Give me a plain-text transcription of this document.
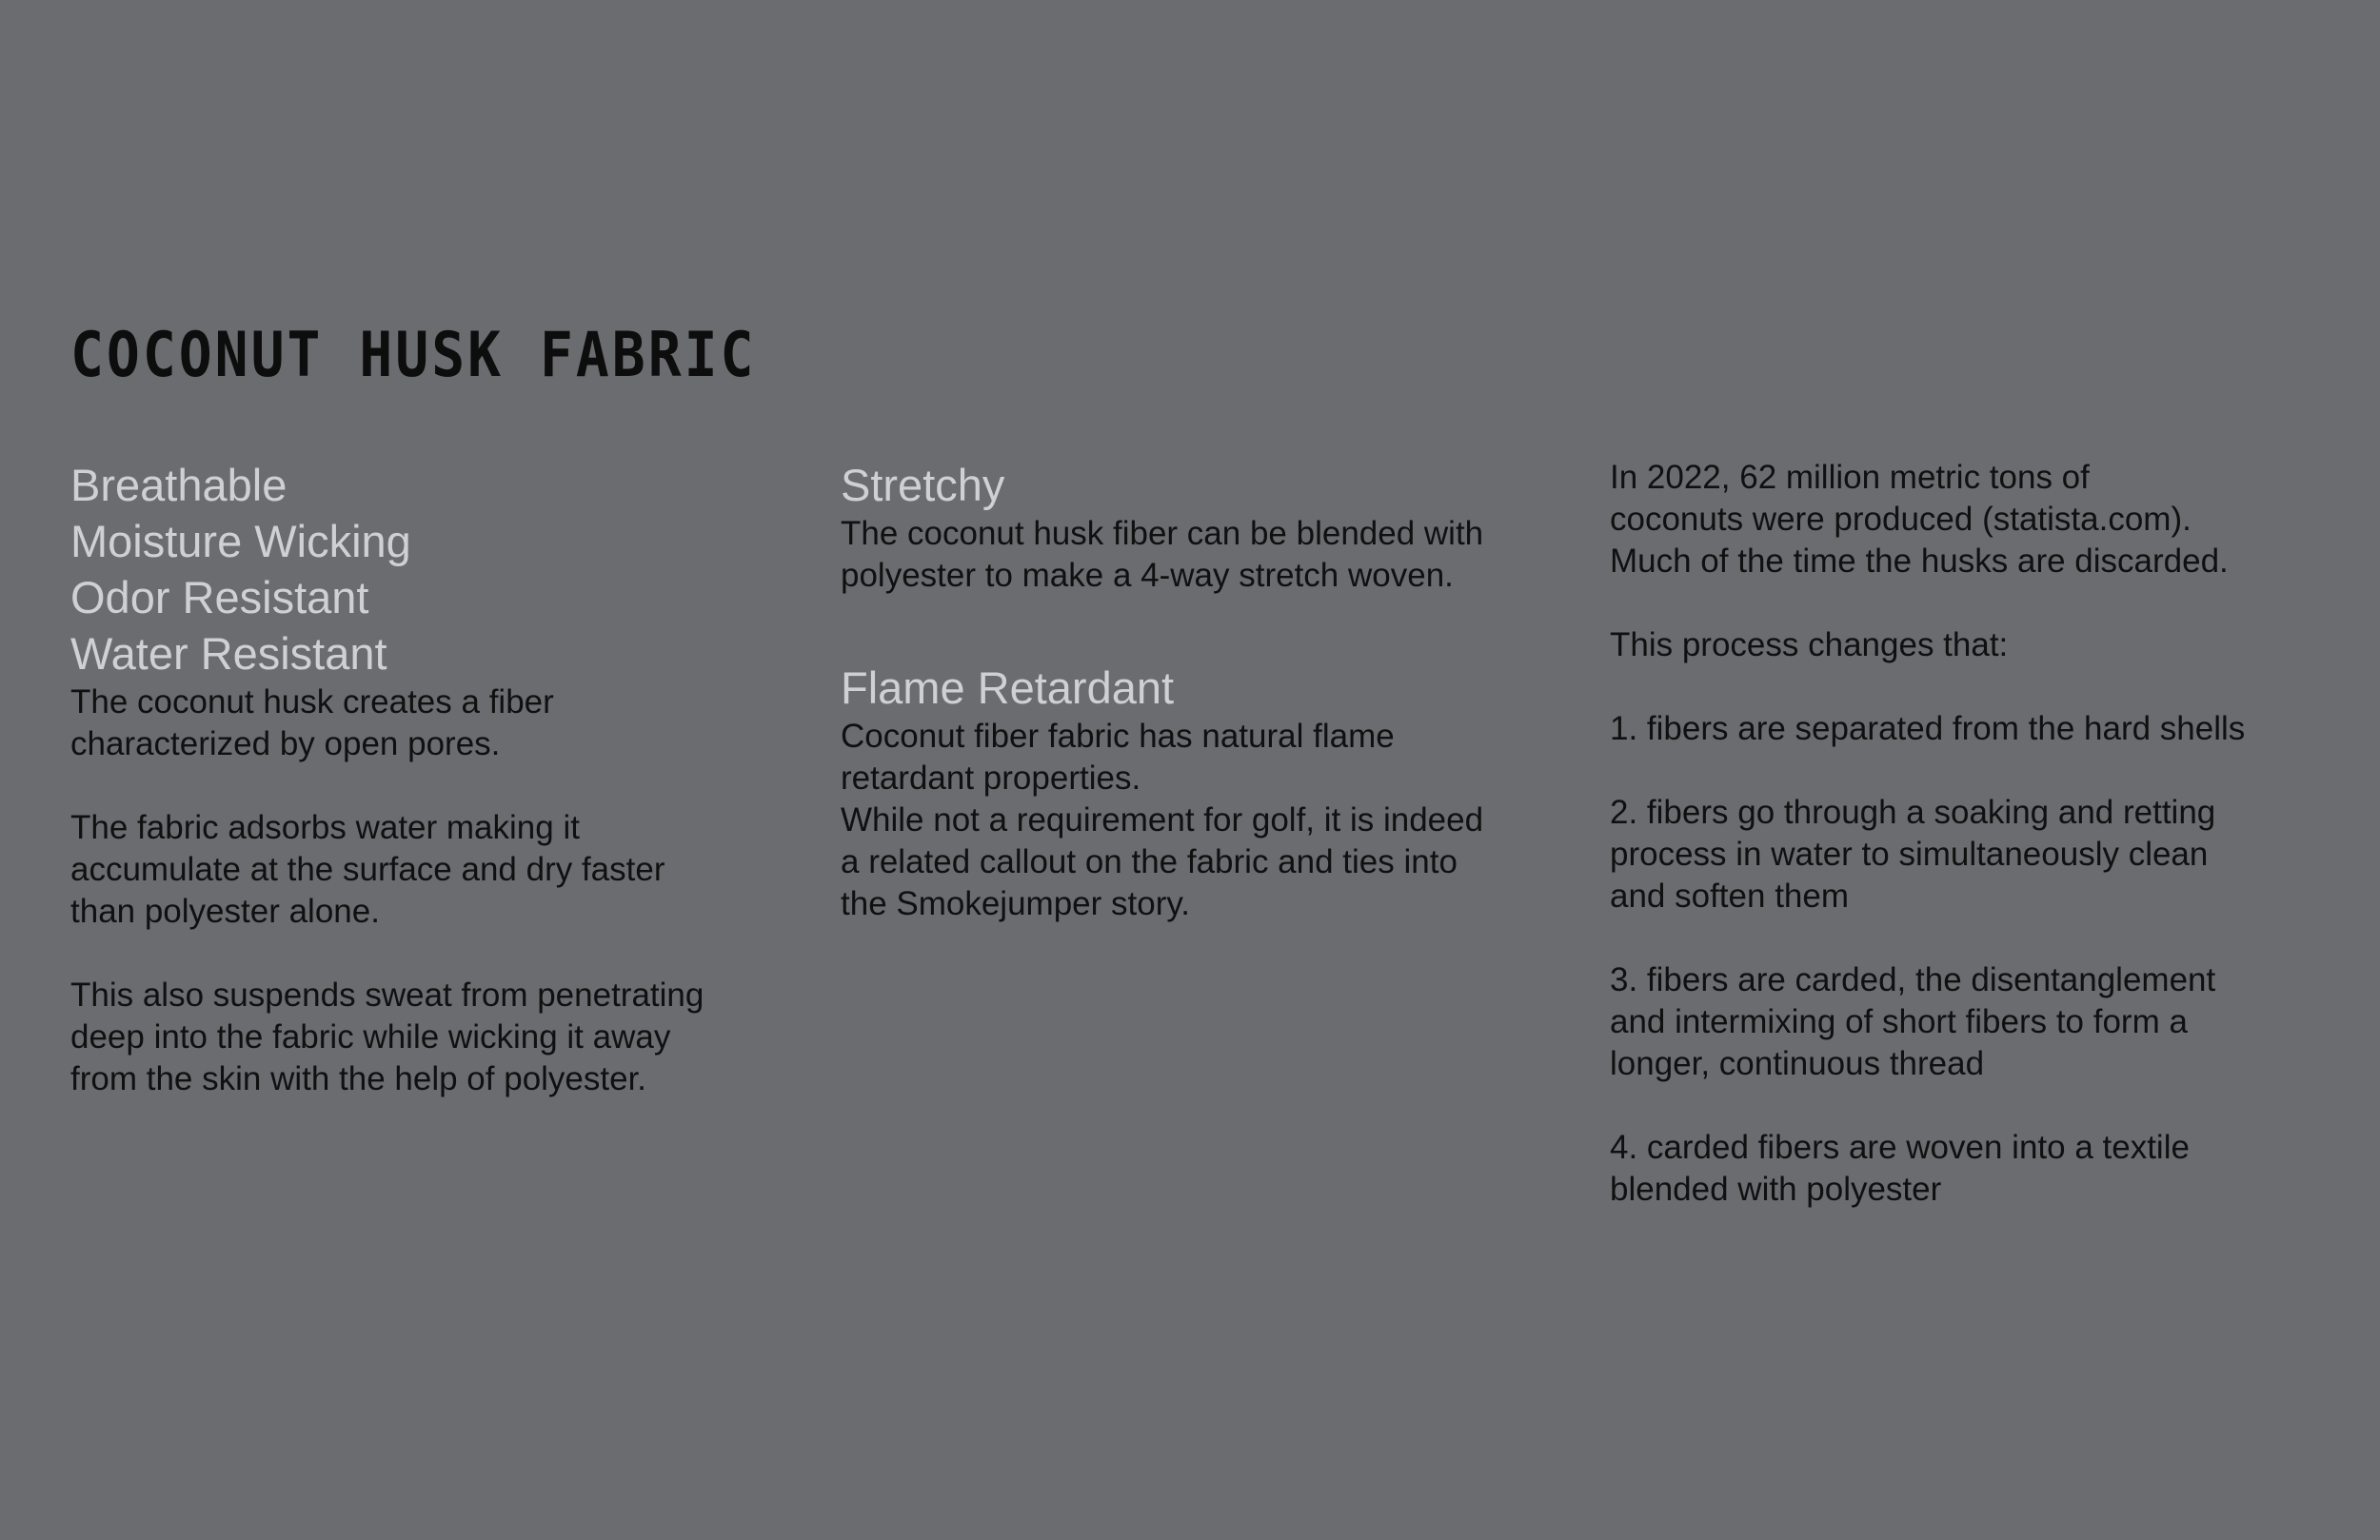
COCONUT HUSK FABRIC
Breathable
Moisture Wicking
Odor Resistant
Water Resistant

The coconut husk creates a fiber
characterized by open pores.

The fabric adsorbs water making it
accumulate at the surface and dry faster
than polyester alone.

This also suspends sweat from penetrating
deep into the fabric while wicking it away
from the skin with the help of polyester.

Stretchy

The coconut husk fiber can be blended with
polyester to make a 4-way stretch woven.

Flame Retardant

Coconut fiber fabric has natural flame
retardant properties.
While not a requirement for golf, it is indeed
a related callout on the fabric and ties into
the Smokejumper story.

In 2022, 62 million metric tons of
coconuts were produced (statista.com).
Much of the time the husks are discarded.

This process changes that:

1. fibers are separated from the hard shells

2. fibers go through a soaking and retting
process in water to simultaneously clean
and soften them

3. fibers are carded, the disentanglement
and intermixing of short fibers to form a
longer, continuous thread

4. carded fibers are woven into a textile
blended with polyester
